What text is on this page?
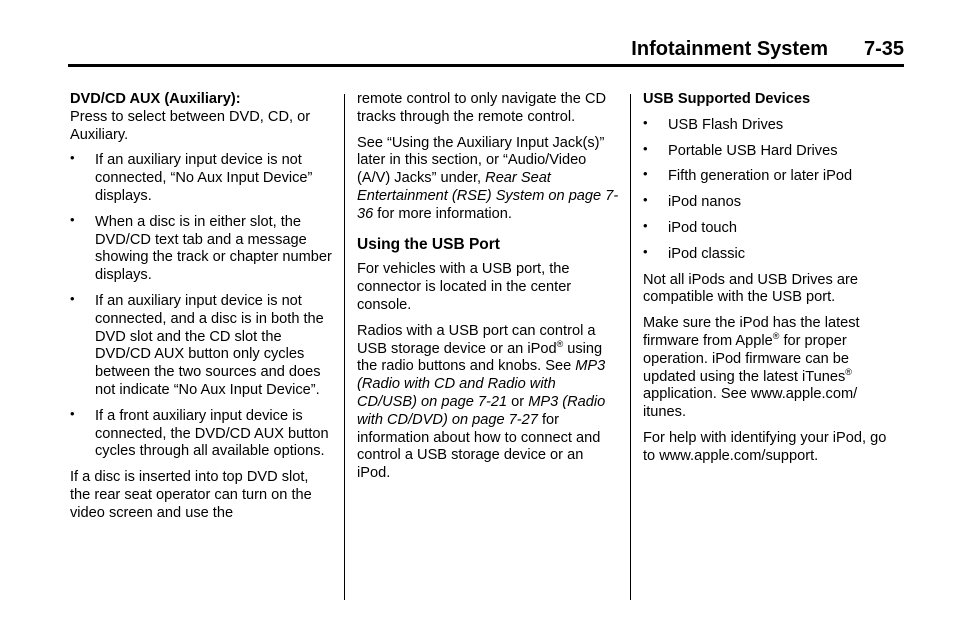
Infotainment System 7-35
DVD/CD AUX (Auxiliary):

Press to select between DVD, CD, or Auxiliary.

• If an auxiliary input device is not connected, “No Aux Input Device” displays.
• When a disc is in either slot, the DVD/CD text tab and a message showing the track or chapter number displays.
• If an auxiliary input device is not connected, and a disc is in both the DVD slot and the CD slot the DVD/CD AUX button only cycles between the two sources and does not indicate “No Aux Input Device”.
• If a front auxiliary input device is connected, the DVD/CD AUX button cycles through all available options.

If a disc is inserted into top DVD slot, the rear seat operator can turn on the video screen and use the

remote control to only navigate the CD tracks through the remote control.

See “Using the Auxiliary Input Jack(s)” later in this section, or “Audio/Video (A/V) Jacks” under, Rear Seat Entertainment (RSE) System on page 7-36 for more information.

Using the USB Port

For vehicles with a USB port, the connector is located in the center console.

Radios with a USB port can control a USB storage device or an iPod® using the radio buttons and knobs. See MP3 (Radio with CD and Radio with CD/USB) on page 7-21 or MP3 (Radio with CD/DVD) on page 7-27 for information about how to connect and control a USB storage device or an iPod.

USB Supported Devices
• USB Flash Drives
• Portable USB Hard Drives
• Fifth generation or later iPod
• iPod nanos
• iPod touch
• iPod classic

Not all iPods and USB Drives are compatible with the USB port.

Make sure the iPod has the latest firmware from Apple® for proper operation. iPod firmware can be updated using the latest iTunes® application. See www.apple.com/ itunes.

For help with identifying your iPod, go to www.apple.com/support.
